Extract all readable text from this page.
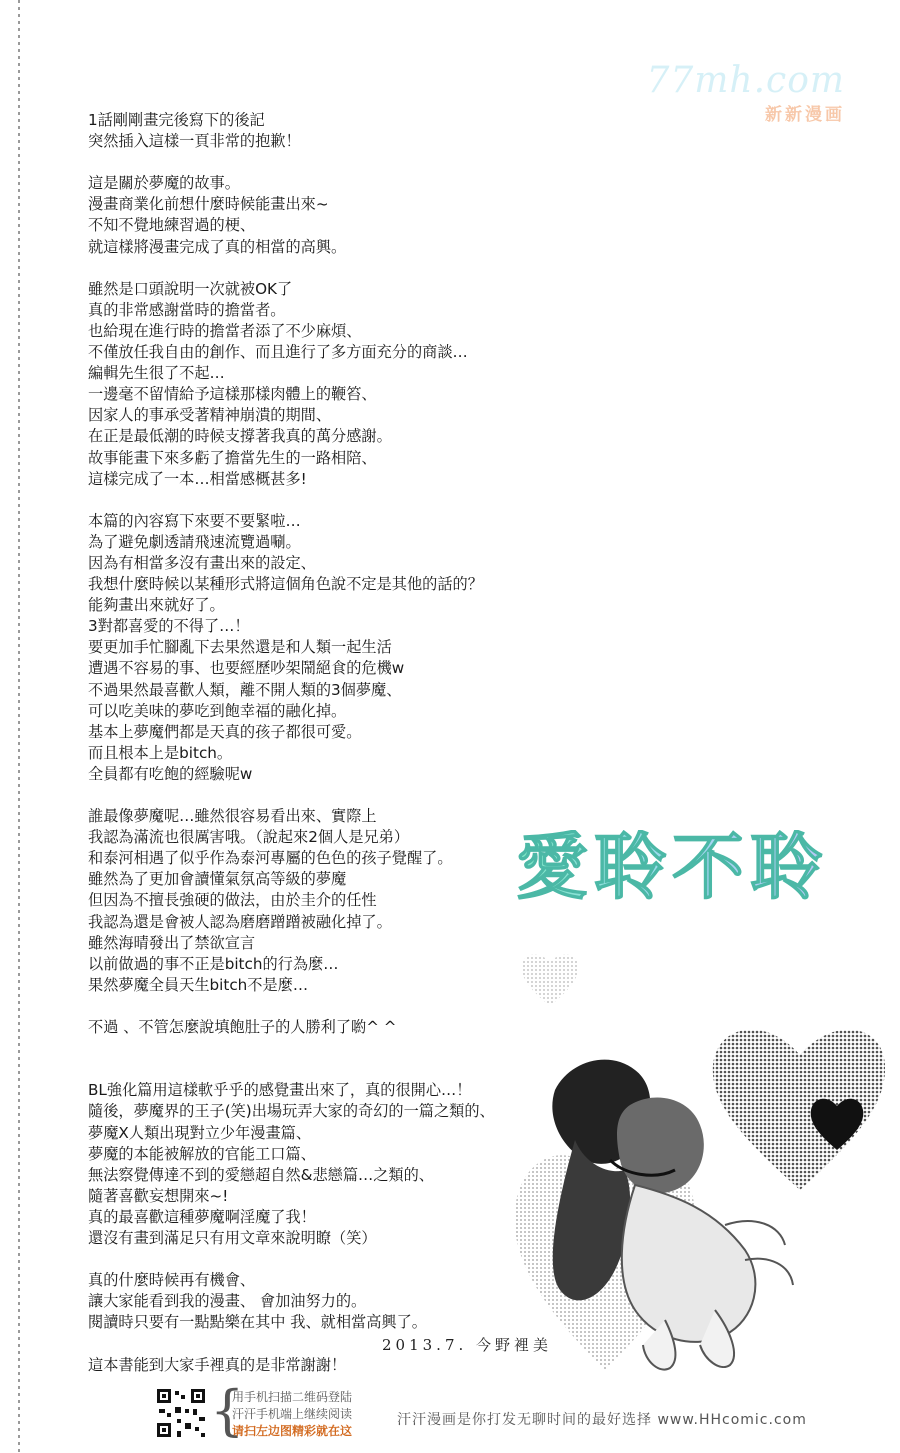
77mh.com
新新漫画
1話剛剛畫完後寫下的後記
突然插入這樣一頁非常的抱歉！
這是關於夢魔的故事。
漫畫商業化前想什麼時候能畫出來~
不知不覺地練習過的梗、
就這樣將漫畫完成了真的相當的高興。
雖然是口頭說明一次就被OK了
真的非常感謝當時的擔當者。
也給現在進行時的擔當者添了不少麻煩、
不僅放任我自由的創作、而且進行了多方面充分的商談…
編輯先生很了不起…
一邊毫不留情給予這樣那樣肉體上的鞭笞、
因家人的事承受著精神崩潰的期間、
在正是最低潮的時候支撐著我真的萬分感謝。
故事能畫下來多虧了擔當先生的一路相陪、
這樣完成了一本…相當感概甚多!
本篇的內容寫下來要不要緊啦…
為了避免劇透請飛速流覽過唰。
因為有相當多沒有畫出來的設定、
我想什麼時候以某種形式將這個角色說不定是其他的話的？
能夠畫出來就好了。
3對都喜愛的不得了…！
要更加手忙腳亂下去果然還是和人類一起生活
遭遇不容易的事、也要經歷吵架鬧絕食的危機w
不過果然最喜歡人類，離不開人類的3個夢魔、
可以吃美味的夢吃到飽幸福的融化掉。
基本上夢魔們都是天真的孩子都很可愛。
而且根本上是bitch。
全員都有吃飽的經驗呢w
誰最像夢魔呢…雖然很容易看出來、實際上
我認為滿流也很厲害哦。（說起來2個人是兄弟）
和泰河相遇了似乎作為泰河專屬的色色的孩子覺醒了。
雖然為了更加會讀懂氣氛高等級的夢魔
但因為不擅長強硬的做法，由於圭介的任性
我認為還是會被人認為磨磨蹭蹭被融化掉了。
雖然海晴發出了禁欲宣言
以前做過的事不正是bitch的行為麼…
果然夢魔全員天生bitch不是麼…
不過 、不管怎麼說填飽肚子的人勝利了喲^ ^
BL強化篇用這樣軟乎乎的感覺畫出來了，真的很開心…！
隨後，夢魔界的王子(笑)出場玩弄大家的奇幻的一篇之類的、
夢魔X人類出現對立少年漫畫篇、
夢魔的本能被解放的官能工口篇、
無法察覺傳達不到的愛戀超自然&悲戀篇…之類的、
隨著喜歡妄想開來~!
真的最喜歡這種夢魔啊淫魔了我！
還沒有畫到滿足只有用文章來說明瞭（笑）
真的什麼時候再有機會、
讓大家能看到我的漫畫、 會加油努力的。
閱讀時只要有一點點樂在其中 我、就相當高興了。
這本書能到大家手裡真的是非常謝謝！
愛聆不聆
2013.7. 今野裡美
{
用手机扫描二维码登陆
汗汗手机端上继续阅读
请扫左边图精彩就在这
汗汗漫画是你打发无聊时间的最好选择 www.HHcomic.com
